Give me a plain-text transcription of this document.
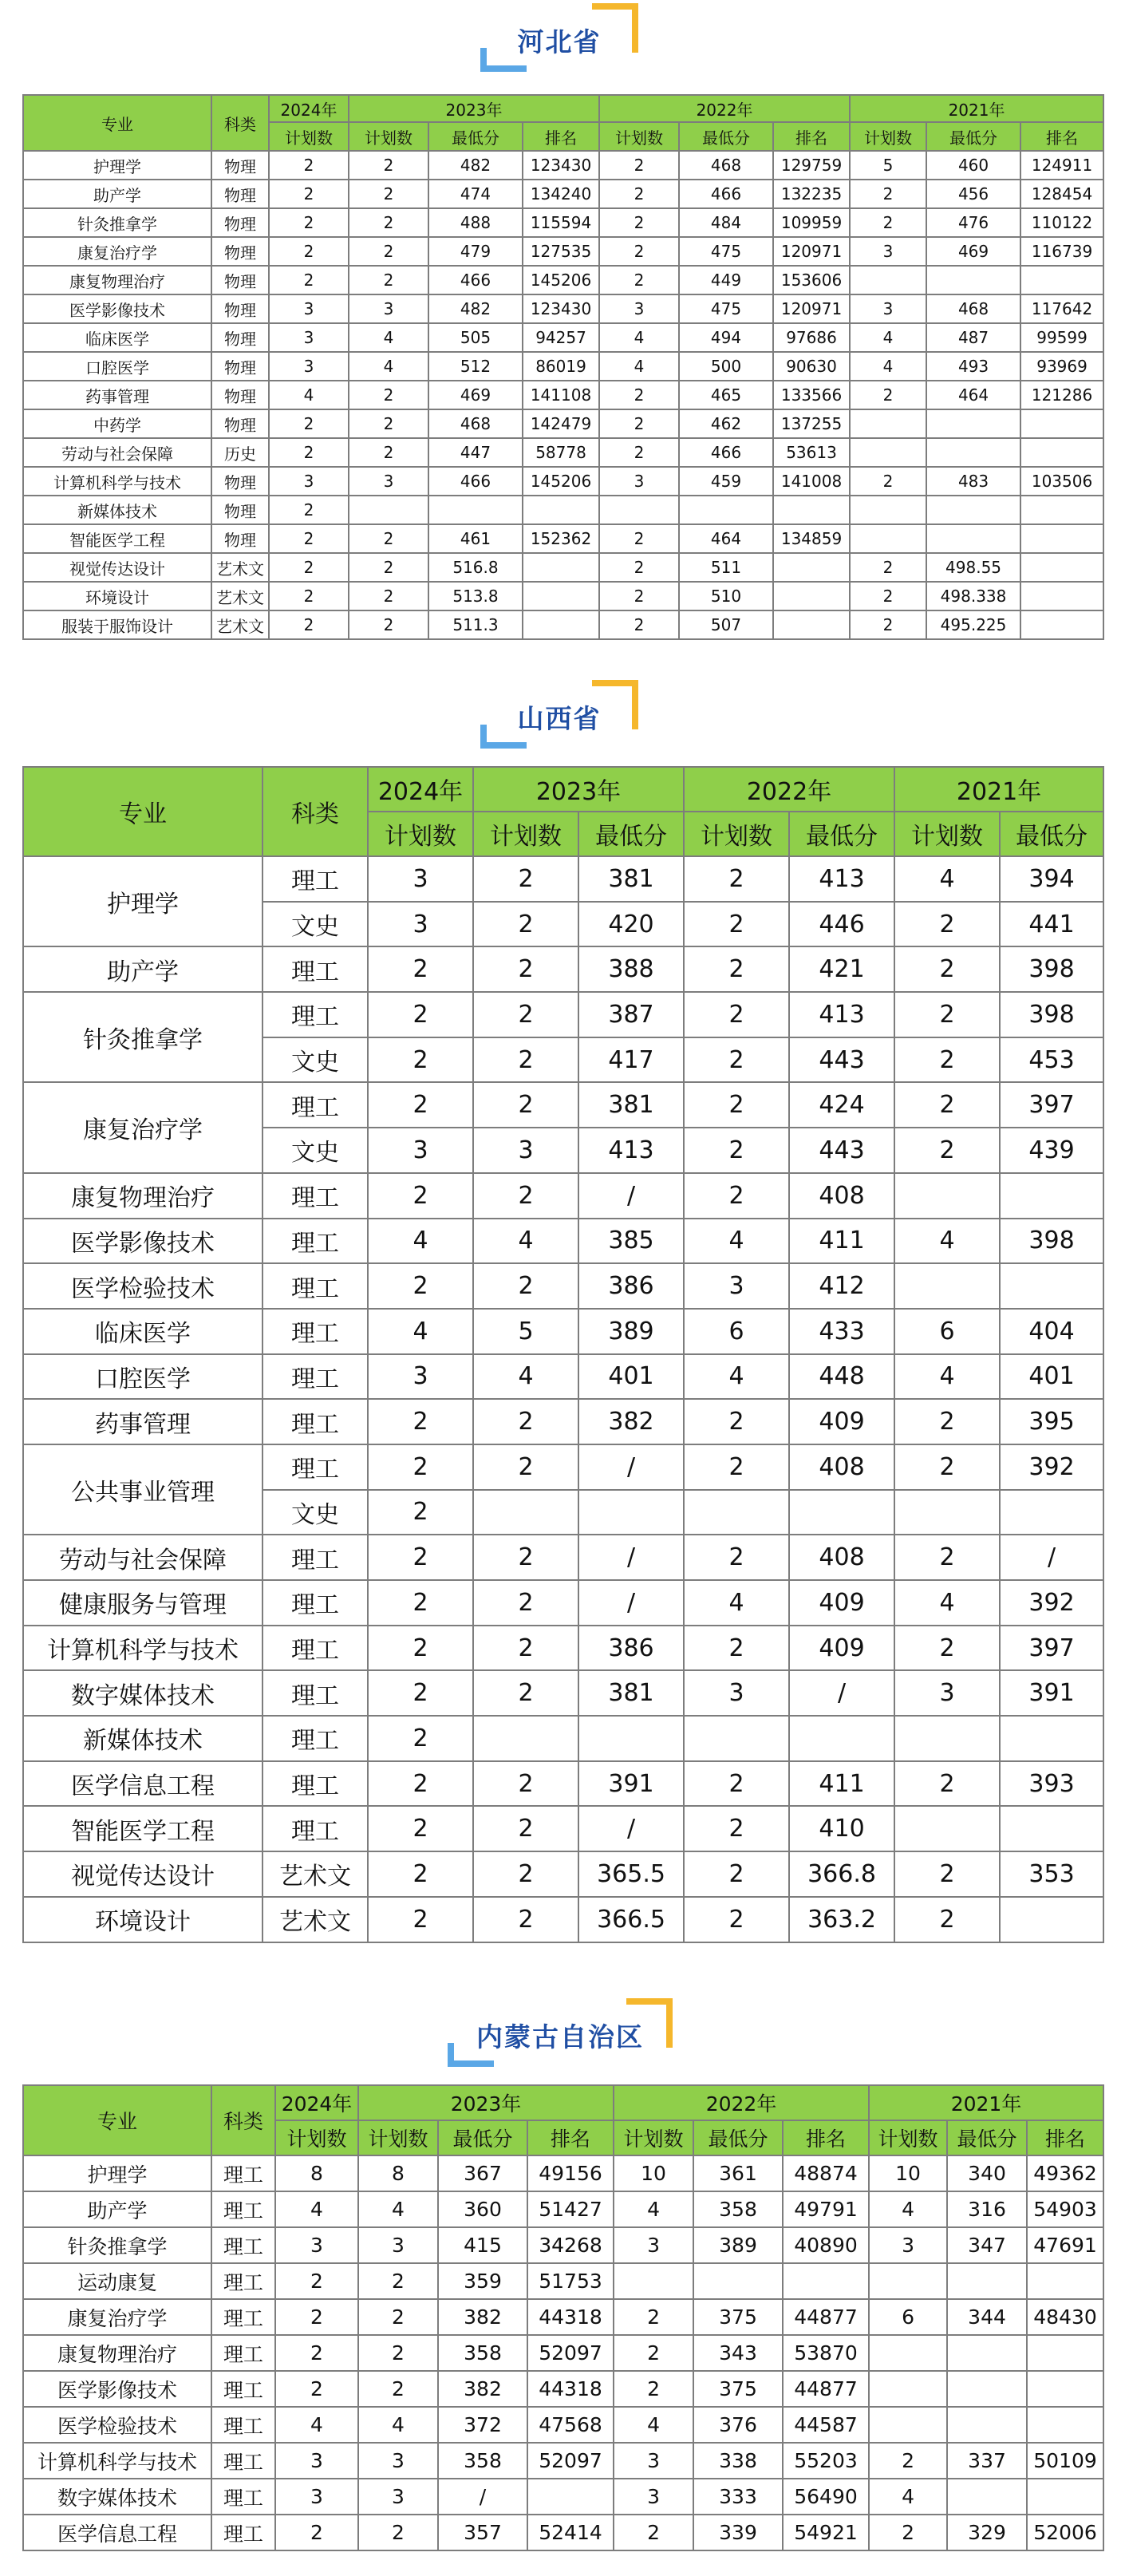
河北省
专业	科类	2024年	2023年			2022年			2021年		
		计划数	计划数	最低分	排名	计划数	最低分	排名	计划数	最低分	排名
护理学	物理	2	2	482	123430	2	468	129759	5	460	124911
助产学	物理	2	2	474	134240	2	466	132235	2	456	128454
针灸推拿学	物理	2	2	488	115594	2	484	109959	2	476	110122
康复治疗学	物理	2	2	479	127535	2	475	120971	3	469	116739
康复物理治疗	物理	2	2	466	145206	2	449	153606			
医学影像技术	物理	3	3	482	123430	3	475	120971	3	468	117642
临床医学	物理	3	4	505	94257	4	494	97686	4	487	99599
口腔医学	物理	3	4	512	86019	4	500	90630	4	493	93969
药事管理	物理	4	2	469	141108	2	465	133566	2	464	121286
中药学	物理	2	2	468	142479	2	462	137255			
劳动与社会保障	历史	2	2	447	58778	2	466	53613			
计算机科学与技术	物理	3	3	466	145206	3	459	141008	2	483	103506
新媒体技术	物理	2									
智能医学工程	物理	2	2	461	152362	2	464	134859			
视觉传达设计	艺术文	2	2	516.8		2	511		2	498.55	
环境设计	艺术文	2	2	513.8		2	510		2	498.338	
服装于服饰设计	艺术文	2	2	511.3		2	507		2	495.225	
山西省
专业	科类	2024年	2023年		2022年		2021年	
		计划数	计划数	最低分	计划数	最低分	计划数	最低分
护理学	理工	3	2	381	2	413	4	394
	文史	3	2	420	2	446	2	441
助产学	理工	2	2	388	2	421	2	398
针灸推拿学	理工	2	2	387	2	413	2	398
	文史	2	2	417	2	443	2	453
康复治疗学	理工	2	2	381	2	424	2	397
	文史	3	3	413	2	443	2	439
康复物理治疗	理工	2	2	/	2	408		
医学影像技术	理工	4	4	385	4	411	4	398
医学检验技术	理工	2	2	386	3	412		
临床医学	理工	4	5	389	6	433	6	404
口腔医学	理工	3	4	401	4	448	4	401
药事管理	理工	2	2	382	2	409	2	395
公共事业管理	理工	2	2	/	2	408	2	392
	文史	2						
劳动与社会保障	理工	2	2	/	2	408	2	/
健康服务与管理	理工	2	2	/	4	409	4	392
计算机科学与技术	理工	2	2	386	2	409	2	397
数字媒体技术	理工	2	2	381	3	/	3	391
新媒体技术	理工	2						
医学信息工程	理工	2	2	391	2	411	2	393
智能医学工程	理工	2	2	/	2	410		
视觉传达设计	艺术文	2	2	365.5	2	366.8	2	353
环境设计	艺术文	2	2	366.5	2	363.2	2	
内蒙古自治区
专业	科类	2024年	2023年			2022年			2021年		
		计划数	计划数	最低分	排名	计划数	最低分	排名	计划数	最低分	排名
护理学	理工	8	8	367	49156	10	361	48874	10	340	49362
助产学	理工	4	4	360	51427	4	358	49791	4	316	54903
针灸推拿学	理工	3	3	415	34268	3	389	40890	3	347	47691
运动康复	理工	2	2	359	51753						
康复治疗学	理工	2	2	382	44318	2	375	44877	6	344	48430
康复物理治疗	理工	2	2	358	52097	2	343	53870			
医学影像技术	理工	2	2	382	44318	2	375	44877			
医学检验技术	理工	4	4	372	47568	4	376	44587			
计算机科学与技术	理工	3	3	358	52097	3	338	55203	2	337	50109
数字媒体技术	理工	3	3	/		3	333	56490	4		
医学信息工程	理工	2	2	357	52414	2	339	54921	2	329	52006
